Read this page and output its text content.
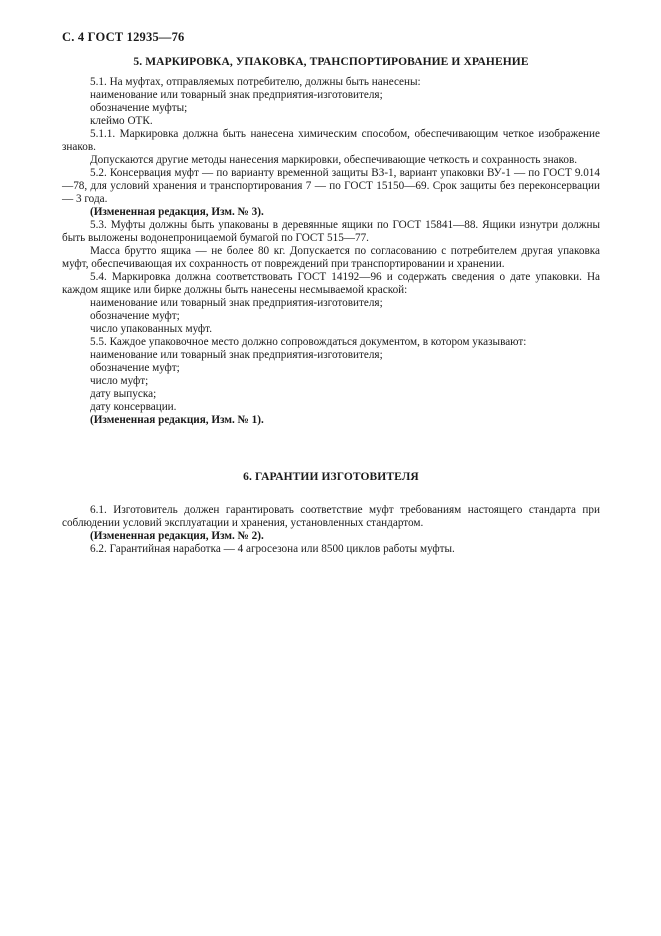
С. 4 ГОСТ 12935—76
5. МАРКИРОВКА, УПАКОВКА, ТРАНСПОРТИРОВАНИЕ И ХРАНЕНИЕ

5.1. На муфтах, отправляемых потребителю, должны быть нанесены:

наименование или товарный знак предприятия-изготовителя;

обозначение муфты;

клеймо ОТК.

5.1.1. Маркировка должна быть нанесена химическим способом, обеспечивающим четкое изображение знаков.

Допускаются другие методы нанесения маркировки, обеспечивающие четкость и сохранность знаков.

5.2. Консервация муфт — по варианту временной защиты ВЗ-1, вариант упаковки ВУ-1 — по ГОСТ 9.014—78, для условий хранения и транспортирования 7 — по ГОСТ 15150—69. Срок защиты без переконсервации — 3 года.

(Измененная редакция, Изм. № 3).

5.3. Муфты должны быть упакованы в деревянные ящики по ГОСТ 15841—88. Ящики изнутри должны быть выложены водонепроницаемой бумагой по ГОСТ 515—77.

Масса брутто ящика — не более 80 кг. Допускается по согласованию с потребителем другая упаковка муфт, обеспечивающая их сохранность от повреждений при транспортировании и хранении.

5.4. Маркировка должна соответствовать ГОСТ 14192—96 и содержать сведения о дате упаковки. На каждом ящике или бирке должны быть нанесены несмываемой краской:

наименование или товарный знак предприятия-изготовителя;

обозначение муфт;

число упакованных муфт.

5.5. Каждое упаковочное место должно сопровождаться документом, в котором указывают:

наименование или товарный знак предприятия-изготовителя;

обозначение муфт;

число муфт;

дату выпуска;

дату консервации.

(Измененная редакция, Изм. № 1).

6. ГАРАНТИИ ИЗГОТОВИТЕЛЯ

6.1. Изготовитель должен гарантировать соответствие муфт требованиям настоящего стандарта при соблюдении условий эксплуатации и хранения, установленных стандартом.

(Измененная редакция, Изм. № 2).

6.2. Гарантийная наработка — 4 агросезона или 8500 циклов работы муфты.
